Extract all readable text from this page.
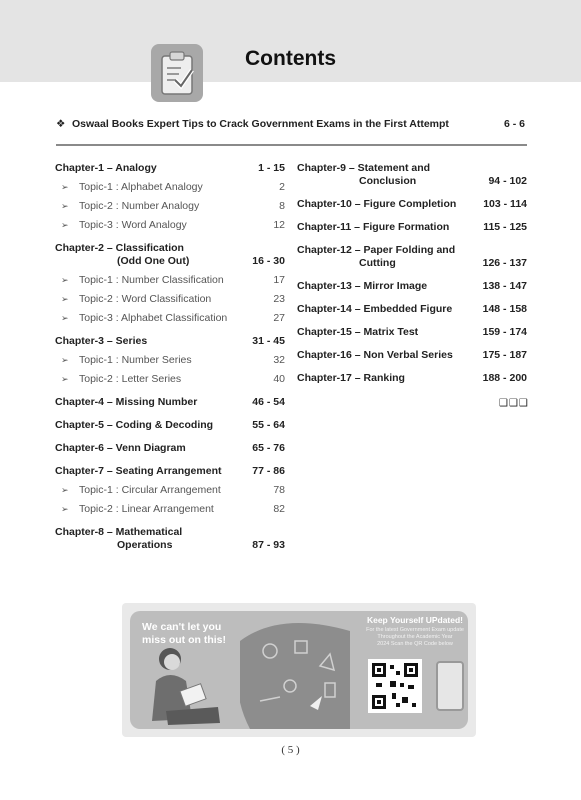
Contents
❖ Oswaal Books Expert Tips to Crack Government Exams in the First Attempt	6 - 6
Chapter-1 – Analogy	1 - 15
➢ Topic-1 : Alphabet Analogy	2
➢ Topic-2 : Number Analogy	8
➢ Topic-3 : Word Analogy	12
Chapter-2 – Classification
(Odd One Out)	16 - 30
➢ Topic-1 : Number Classification	17
➢ Topic-2 : Word Classification	23
➢ Topic-3 : Alphabet Classification	27
Chapter-3 – Series	31 - 45
➢ Topic-1 : Number Series	32
➢ Topic-2 : Letter Series	40
Chapter-4 – Missing Number	46 - 54
Chapter-5 – Coding & Decoding	55 - 64
Chapter-6 – Venn Diagram	65 - 76
Chapter-7 – Seating Arrangement	77 - 86
➢ Topic-1 : Circular Arrangement	78
➢ Topic-2 : Linear Arrangement	82
Chapter-8 – Mathematical
Operations	87 - 93
Chapter-9 – Statement and
Conclusion	94 - 102
Chapter-10 – Figure Completion	103 - 114
Chapter-11 – Figure Formation	115 - 125
Chapter-12 – Paper Folding and
Cutting	126 - 137
Chapter-13 – Mirror Image	138 - 147
Chapter-14 – Embedded Figure	148 - 158
Chapter-15 – Matrix Test	159 - 174
Chapter-16 – Non Verbal Series	175 - 187
Chapter-17 – Ranking	188 - 200
❑❑❑
We can't let you
miss out on this!
Keep Yourself UPdated!
For the latest Government Exam update
Throughout the Academic Year
2024 Scan the QR Code below
( 5 )
